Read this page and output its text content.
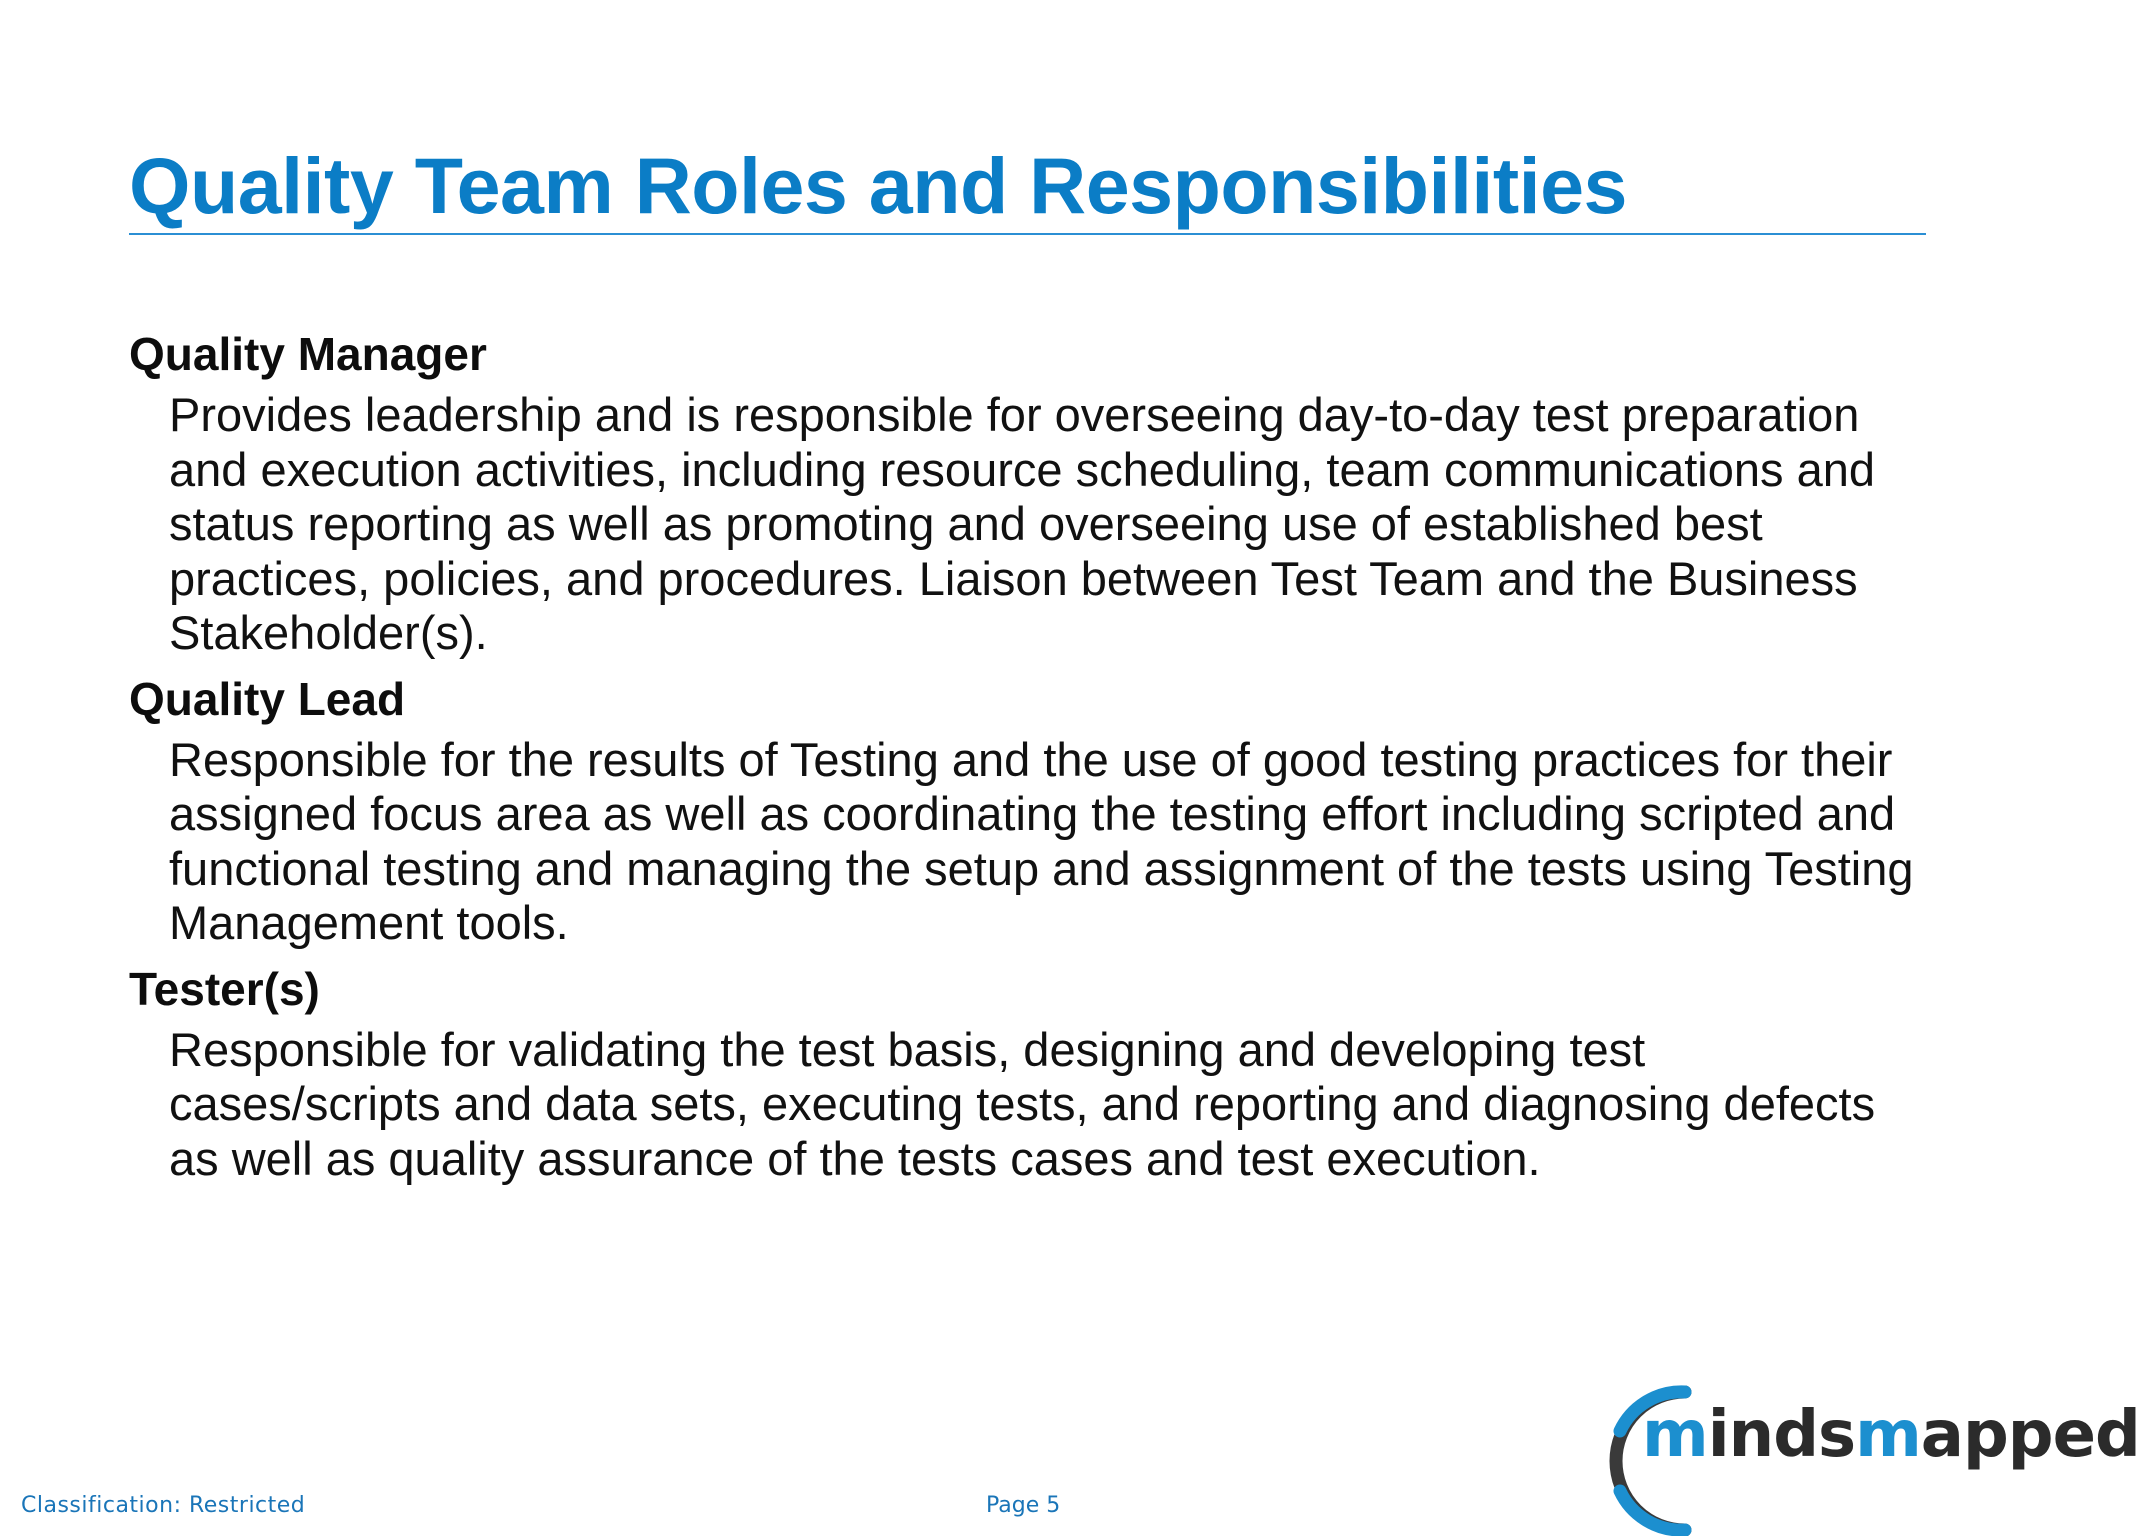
Quality Team Roles and Responsibilities
Quality Manager
Provides leadership and is responsible for overseeing day-to-day test preparation and execution activities, including resource scheduling, team communications and status reporting as well as promoting and overseeing use of established best practices, policies, and procedures. Liaison between Test Team and the Business Stakeholder(s).
Quality Lead
Responsible for the results of Testing and the use of good testing practices for their assigned focus area as well as coordinating the testing effort including scripted and functional testing and managing the setup and assignment of the tests using Testing Management tools.
Tester(s)
Responsible for validating the test basis, designing and developing test cases/scripts and data sets, executing tests, and reporting and diagnosing defects as well as quality assurance of the tests cases and test execution.
Classification: Restricted	Page 5
mindsmapped
